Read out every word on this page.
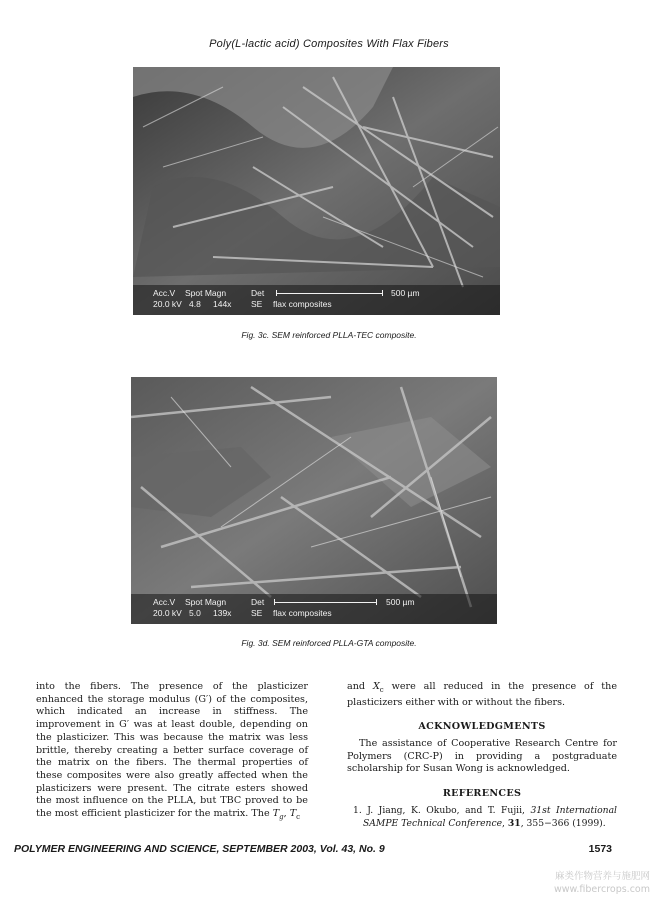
Poly(L-lactic acid) Composites With Flax Fibers
Acc.V Spot Magn	Det
20.0 kV 4.8 144x SE flax composites
500 µm
Fig. 3c. SEM reinforced PLLA-TEC composite.
Acc.V Spot Magn	Det
20.0 kV 5.0 139x SE flax composites
500 µm
Fig. 3d. SEM reinforced PLLA-GTA composite.

into the fibers. The presence of the plasticizer enhanced the storage modulus (G′) of the composites, which indicated an increase in stiffness. The improvement in G′ was at least double, depending on the plasticizer. This was because the matrix was less brittle, thereby creating a better surface coverage of the matrix on the fibers. The thermal properties of these composites were also greatly affected when the plasticizers were present. The citrate esters showed the most influence on the PLLA, but TBC proved to be the most efficient plasticizer for the matrix. The $T_g$, $T_c$

and $X_c$ were all reduced in the presence of the plasticizers either with or without the fibers.

ACKNOWLEDGMENTS

The assistance of Cooperative Research Centre for Polymers (CRC-P) in providing a postgraduate scholarship for Susan Wong is acknowledged.

REFERENCES

1. J. Jiang, K. Okubo, and T. Fujii, 31st International SAMPE Technical Conference, 31, 355−366 (1999).

POLYMER ENGINEERING AND SCIENCE, SEPTEMBER 2003, Vol. 43, No. 9	1573
麻类作物营养与施肥网
www.fibercrops.com
